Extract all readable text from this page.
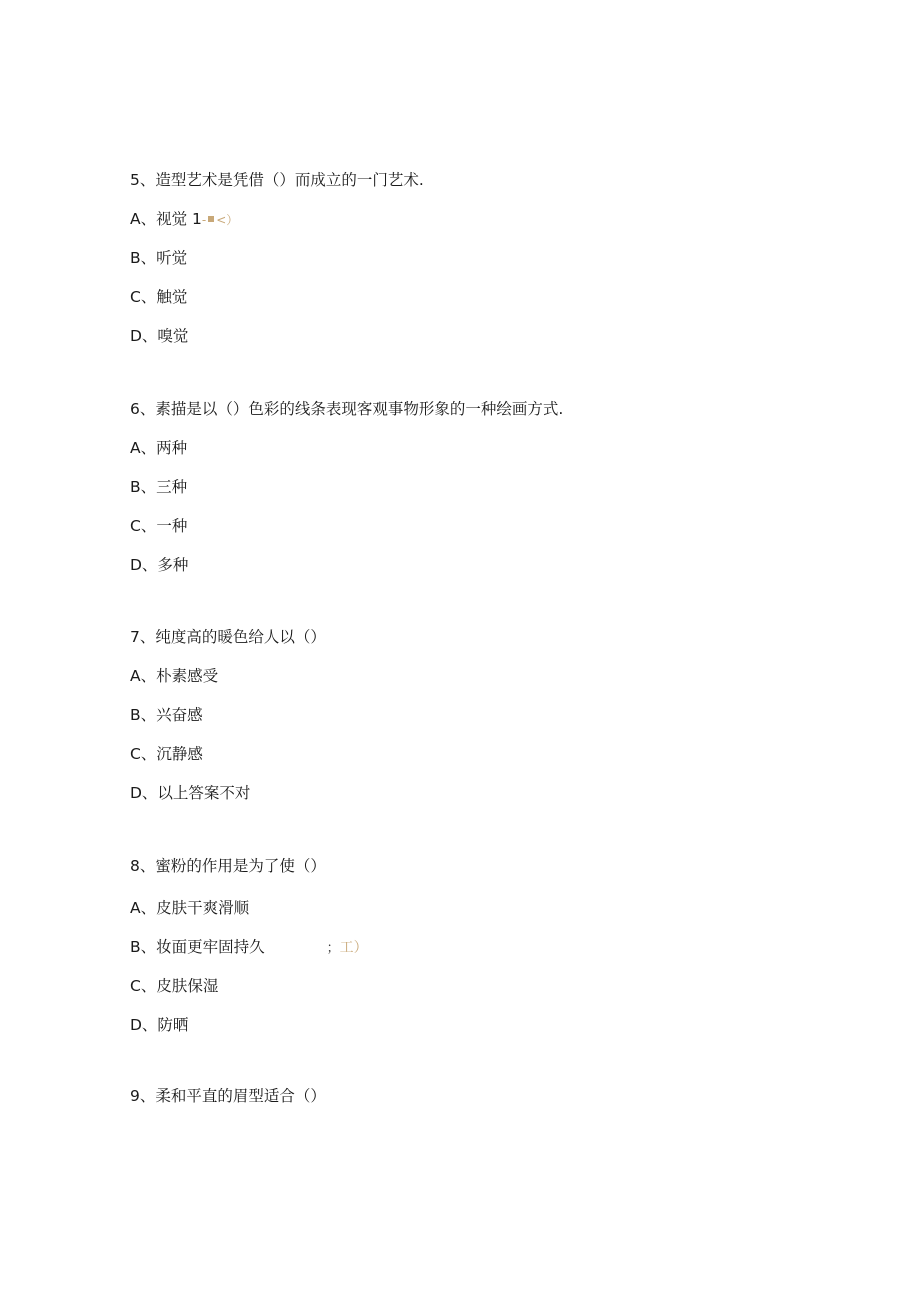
5、造型艺术是凭借（）而成立的一门艺术.
A、视觉 1- <）
B、听觉
C、触觉
D、嗅觉
6、素描是以（）色彩的线条表现客观事物形象的一种绘画方式.
A、两种
B、三种
C、一种
D、多种
7、纯度高的暖色给人以（）
A、朴素感受
B、兴奋感
C、沉静感
D、以上答案不对
8、蜜粉的作用是为了使（）
A、皮肤干爽滑顺
B、妆面更牢固持久	；工）
C、皮肤保湿
D、防晒
9、柔和平直的眉型适合（）
